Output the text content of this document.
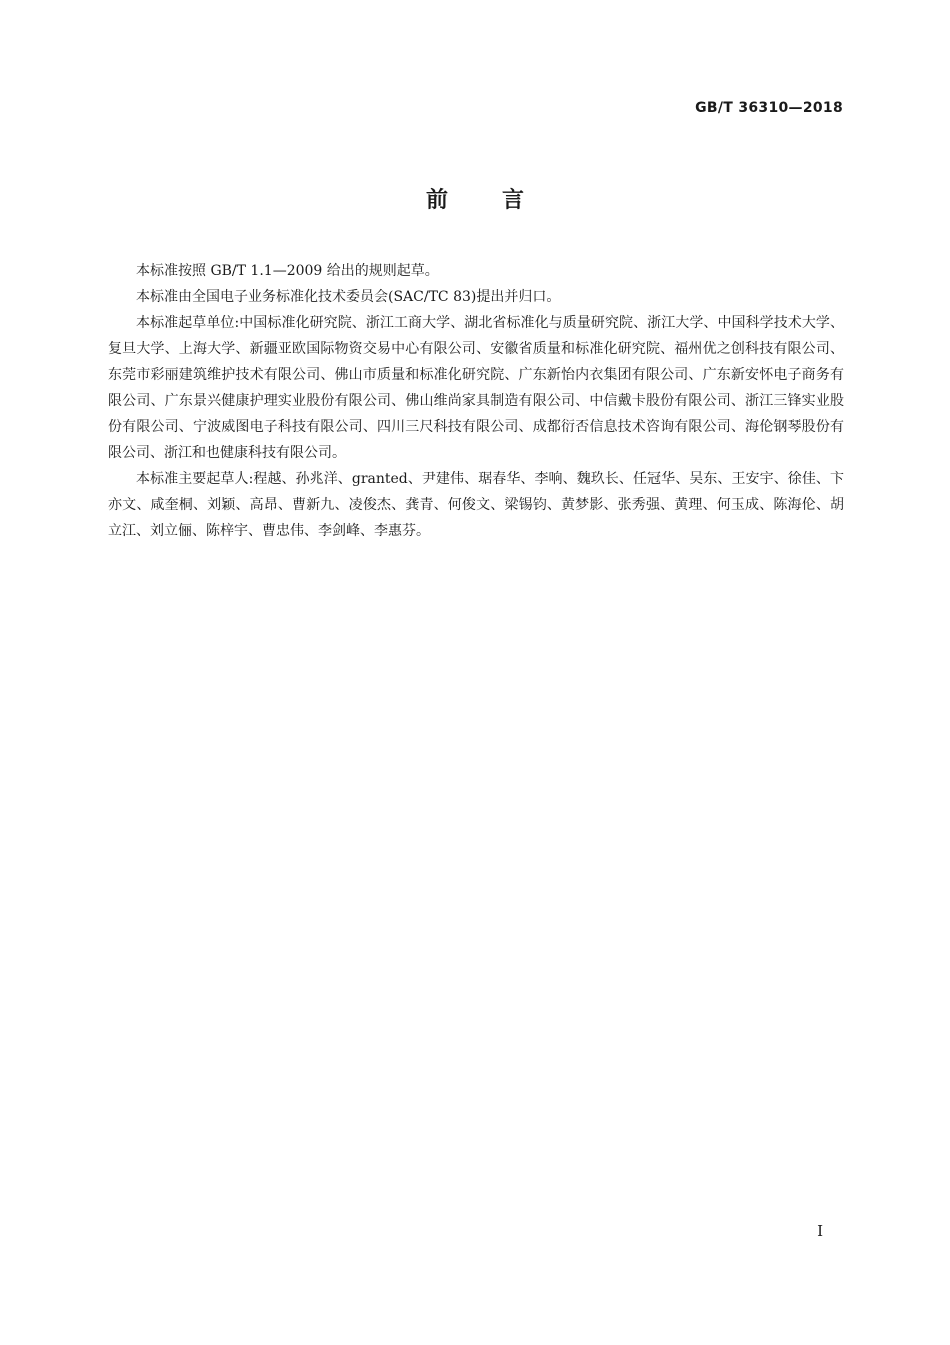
GB/T 36310—2018
前言

本标准按照 GB/T 1.1—2009 给出的规则起草。

本标准由全国电子业务标准化技术委员会(SAC/TC 83)提出并归口。

本标准起草单位:中国标准化研究院、浙江工商大学、湖北省标准化与质量研究院、浙江大学、中国科学技术大学、复旦大学、上海大学、新疆亚欧国际物资交易中心有限公司、安徽省质量和标准化研究院、福州优之创科技有限公司、东莞市彩丽建筑维护技术有限公司、佛山市质量和标准化研究院、广东新怡内衣集团有限公司、广东新安怀电子商务有限公司、广东景兴健康护理实业股份有限公司、佛山维尚家具制造有限公司、中信戴卡股份有限公司、浙江三锋实业股份有限公司、宁波威图电子科技有限公司、四川三尺科技有限公司、成都衍否信息技术咨询有限公司、海伦钢琴股份有限公司、浙江和也健康科技有限公司。

本标准主要起草人:程越、孙兆洋、granted、尹建伟、琚春华、李响、魏玖长、任冠华、吴东、王安宇、徐佳、卞亦文、咸奎桐、刘颖、高昂、曹新九、凌俊杰、龚青、何俊文、梁锡钧、黄梦影、张秀强、黄理、何玉成、陈海伦、胡立江、刘立俪、陈梓宇、曹忠伟、李剑峰、李惠芬。

I
